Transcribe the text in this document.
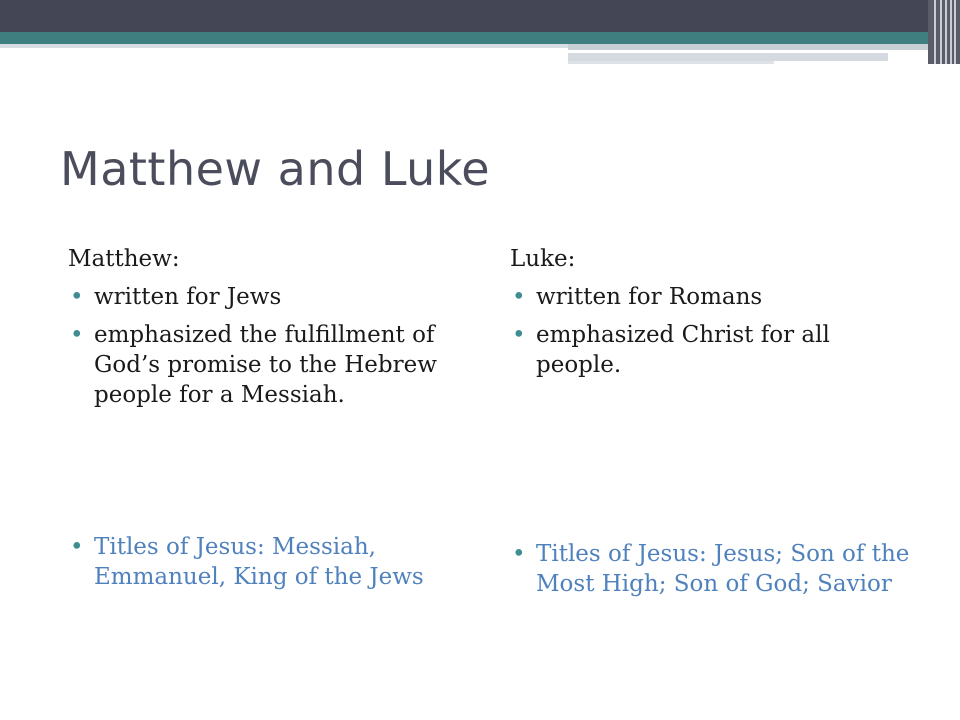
Matthew and Luke

Matthew:

• written for Jews
• emphasized the fulfillment of God’s promise to the Hebrew people for a Messiah.
• Titles of Jesus: Messiah, Emmanuel, King of the Jews

Luke:

• written for Romans
• emphasized Christ for all people.
• Titles of Jesus: Jesus; Son of the Most High; Son of God; Savior
